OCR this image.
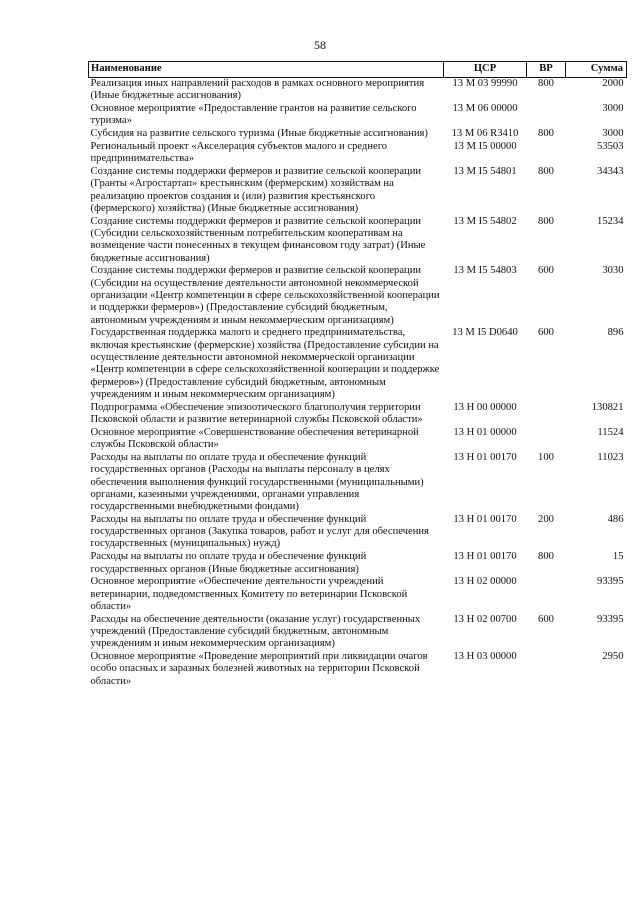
58
Наименование	ЦСР	ВР	Сумма
Реализация иных направлений расходов в рамках основного мероприятия (Иные бюджетные ассигнования)	13 М 03 99990	800	2000
Основное мероприятие «Предоставление грантов на развитие сельского туризма»	13 М 06 00000		3000
Субсидия на развитие сельского туризма (Иные бюджетные ассигнования)	13 М 06 R3410	800	3000
Региональный проект «Акселерация субъектов малого и среднего предпринимательства»	13 М I5 00000		53503
Создание системы поддержки фермеров и развитие сельской кооперации (Гранты «Агростартап» крестьянским (фермерским) хозяйствам на реализацию проектов создания и (или) развития крестьянского (фермерского) хозяйства) (Иные бюджетные ассигнования)	13 М I5 54801	800	34343
Создание системы поддержки фермеров и развитие сельской кооперации (Субсидии сельскохозяйственным потребительским кооперативам на возмещение части понесенных в текущем финансовом году затрат) (Иные бюджетные ассигнования)	13 М I5 54802	800	15234
Создание системы поддержки фермеров и развитие сельской кооперации (Субсидии на осуществление деятельности автономной некоммерческой организации «Центр компетенции в сфере сельскохозяйственной кооперации и поддержки фермеров») (Предоставление субсидий бюджетным, автономным учреждениям и иным некоммерческим организациям)	13 М I5 54803	600	3030
Государственная поддержка малого и среднего предпринимательства, включая крестьянские (фермерские) хозяйства (Предоставление субсидии на осуществление деятельности автономной некоммерческой организации «Центр компетенции в сфере сельскохозяйственной кооперации и поддержке фермеров») (Предоставление субсидий бюджетным, автономным учреждениям и иным некоммерческим организациям)	13 М I5 D0640	600	896
Подпрограмма «Обеспечение эпизоотического благополучия территории Псковской области и развитие ветеринарной службы Псковской области»	13 Н 00 00000		130821
Основное мероприятие «Совершенствование обеспечения ветеринарной службы Псковской области»	13 Н 01 00000		11524
Расходы на выплаты по оплате труда и обеспечение функций государственных органов (Расходы на выплаты персоналу в целях обеспечения выполнения функций государственными (муниципальными) органами, казенными учреждениями, органами управления государственными внебюджетными фондами)	13 Н 01 00170	100	11023
Расходы на выплаты по оплате труда и обеспечение функций государственных органов (Закупка товаров, работ и услуг для обеспечения государственных (муниципальных) нужд)	13 Н 01 00170	200	486
Расходы на выплаты по оплате труда и обеспечение функций государственных органов (Иные бюджетные ассигнования)	13 Н 01 00170	800	15
Основное мероприятие «Обеспечение деятельности учреждений ветеринарии, подведомственных Комитету по ветеринарии Псковской области»	13 Н 02 00000		93395
Расходы на обеспечение деятельности (оказание услуг) государственных учреждений (Предоставление субсидий бюджетным, автономным учреждениям и иным некоммерческим организациям)	13 Н 02 00700	600	93395
Основное мероприятие «Проведение мероприятий при ликвидации очагов особо опасных и заразных болезней животных на территории Псковской области»	13 Н 03 00000		2950
